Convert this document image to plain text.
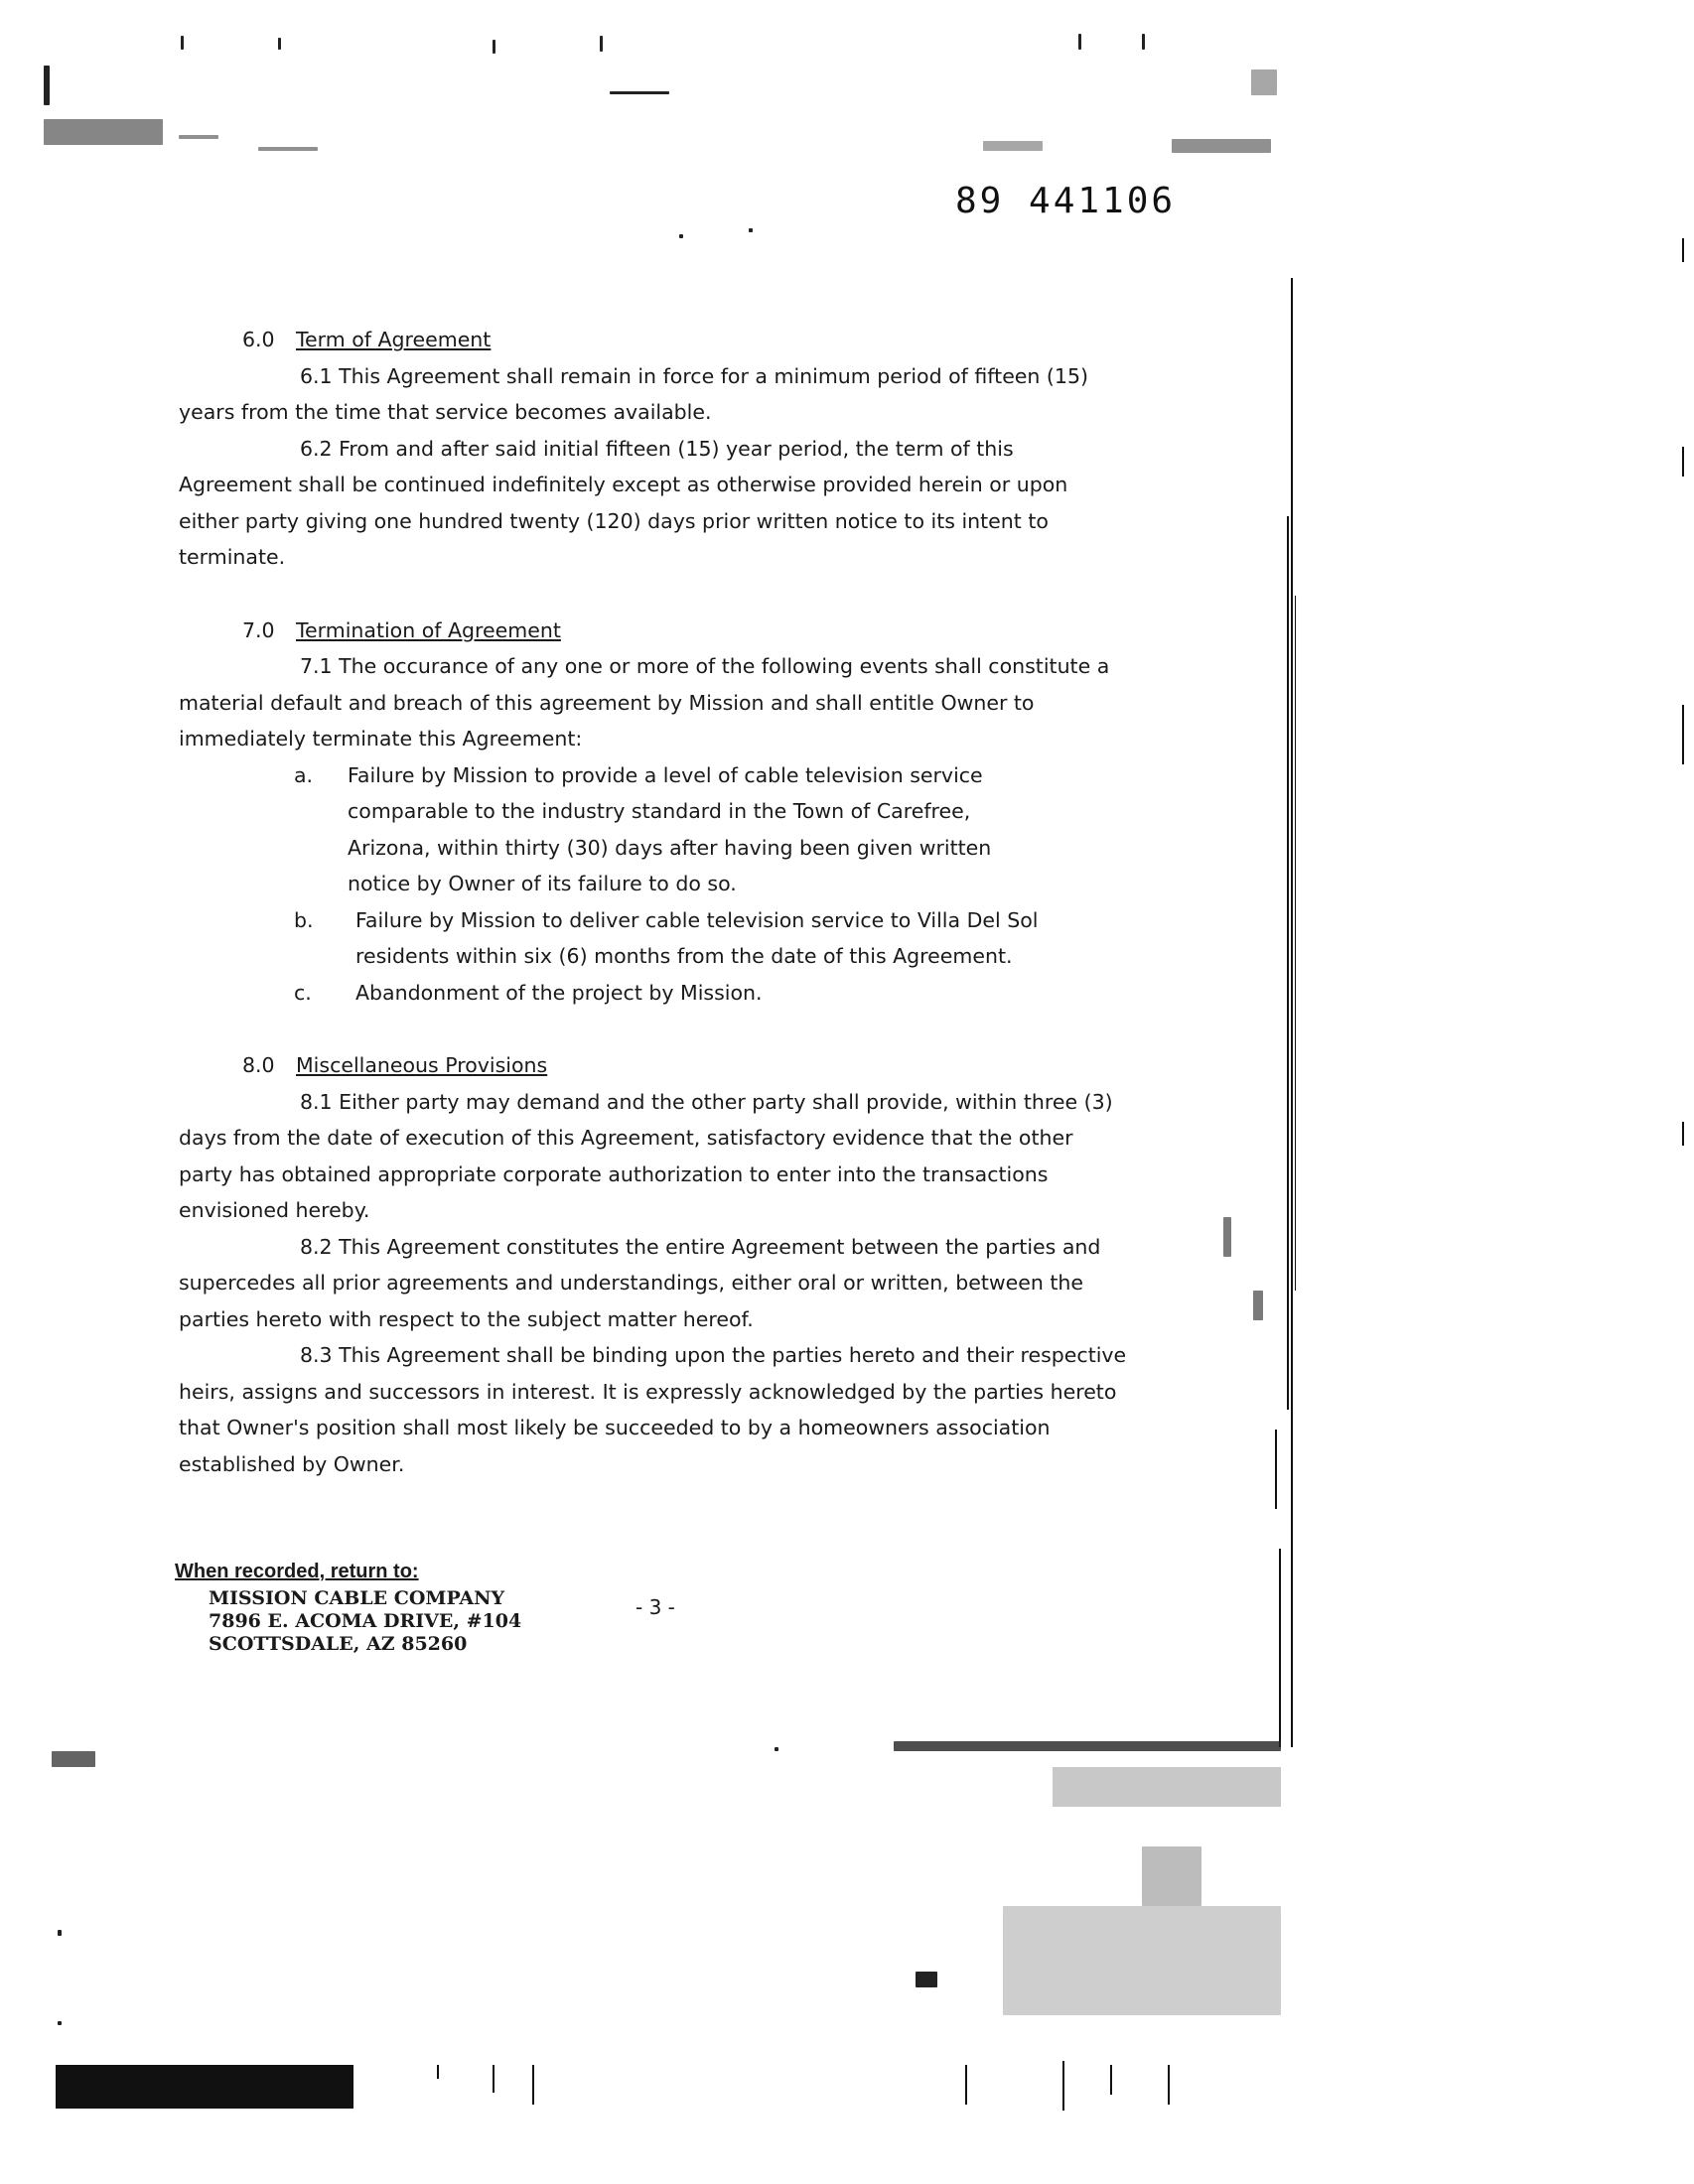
89 441106
6.0 Term of Agreement

6.1 This Agreement shall remain in force for a minimum period of fifteen (15) years from the time that service becomes available.

6.2 From and after said initial fifteen (15) year period, the term of this Agreement shall be continued indefinitely except as otherwise provided herein or upon either party giving one hundred twenty (120) days prior written notice to its intent to terminate.

7.0 Termination of Agreement

7.1 The occurance of any one or more of the following events shall constitute a material default and breach of this agreement by Mission and shall entitle Owner to immediately terminate this Agreement:

a.	Failure by Mission to provide a level of cable television service comparable to the industry standard in the Town of Carefree, Arizona, within thirty (30) days after having been given written notice by Owner of its failure to do so.
b.	Failure by Mission to deliver cable television service to Villa Del Sol residents within six (6) months from the date of this Agreement.
c.	Abandonment of the project by Mission.
8.0 Miscellaneous Provisions

8.1 Either party may demand and the other party shall provide, within three (3) days from the date of execution of this Agreement, satisfactory evidence that the other party has obtained appropriate corporate authorization to enter into the transactions envisioned hereby.

8.2 This Agreement constitutes the entire Agreement between the parties and supercedes all prior agreements and understandings, either oral or written, between the parties hereto with respect to the subject matter hereof.

8.3 This Agreement shall be binding upon the parties hereto and their respective heirs, assigns and successors in interest. It is expressly acknowledged by the parties hereto that Owner's position shall most likely be succeeded to by a homeowners association established by Owner.

When recorded, return to:
MISSION CABLE COMPANY
7896 E. ACOMA DRIVE, #104
SCOTTSDALE, AZ 85260
- 3 -
